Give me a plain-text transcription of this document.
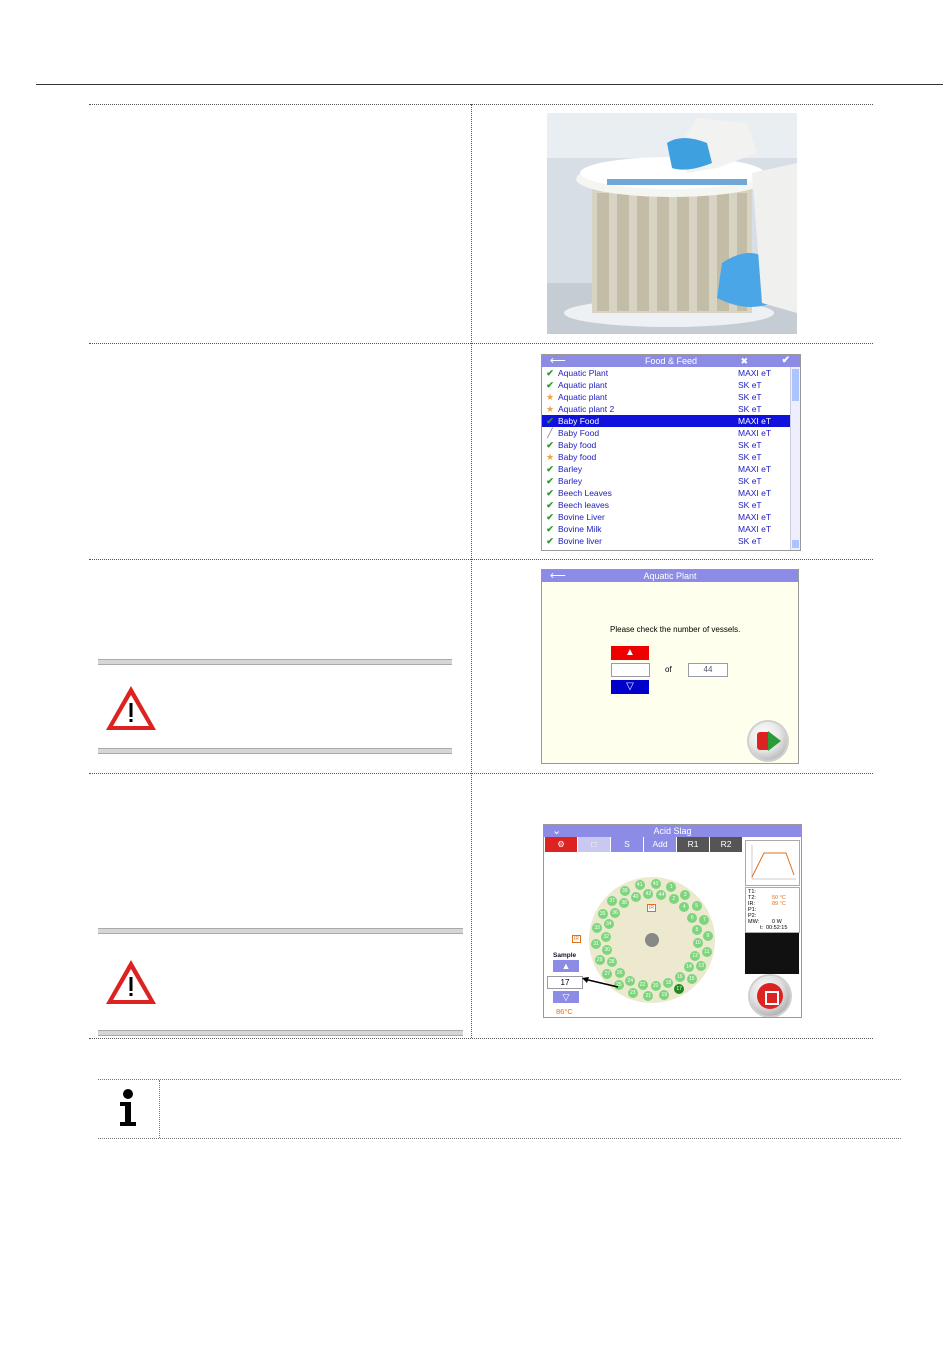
⟵	Food & Feed	✖	✔
✔ Aquatic Plant	MAXI eT
✔ Aquatic plant	SK eT
★ Aquatic plant	SK eT
★ Aquatic plant 2	SK eT
✔ Baby Food	MAXI eT
╱ Baby Food	MAXI eT
✔ Baby food	SK eT
★ Baby food	SK eT
✔ Barley	MAXI eT
✔ Barley	SK eT
✔ Beech Leaves	MAXI eT
✔ Beech leaves	SK eT
✔ Bovine Liver	MAXI eT
✔ Bovine Milk	MAXI eT
✔ Bovine liver	SK eT
⟵	Aquatic Plant
Please check the number of vessels.
▲
▽
of	44
⌄	Acid Slag
⚙	□	S	Add	R1	R2
IR
1
2
3
4	5
6	7
8
9
10
11
12
13
14
15
16
17
18
19
20
21
22
23
24
25
26
27
28
29
30
31
32
33
34
35	36
37	38
39
40
41
42
43
44
IR
Sample
▲
17
▽
86°C
T1:
T2:	50 °C
IR:	89 °C
P1:
P2:
MW: 0 W
t: 00:52:15
